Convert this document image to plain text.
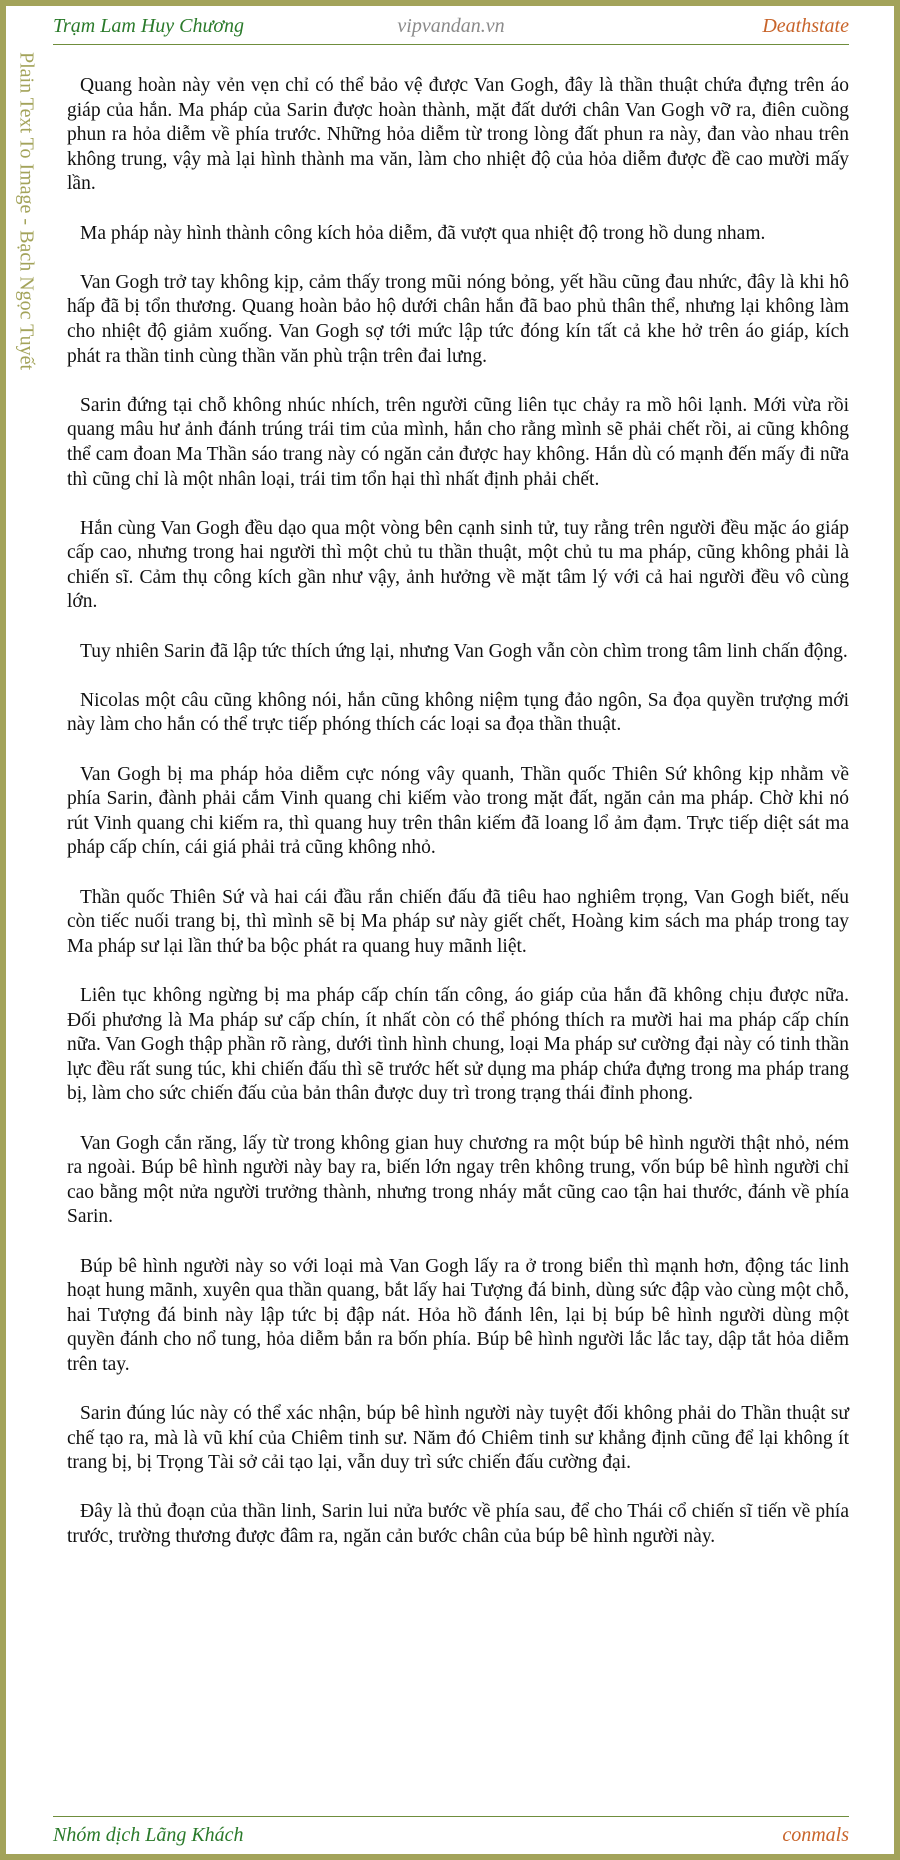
Trạm Lam Huy Chương	vipvandan.vn	Deathstate
Plain Text To Image - Bạch Ngọc Tuyết	Quang hoàn này vẻn vẹn chỉ có thể bảo vệ được Van Gogh, đây là thần thuật chứa đựng trên áo giáp của hắn. Ma pháp của Sarin được hoàn thành, mặt đất dưới chân Van Gogh vỡ ra, điên cuồng phun ra hỏa diễm về phía trước. Những hỏa diễm từ trong lòng đất phun ra này, đan vào nhau trên không trung, vậy mà lại hình thành ma văn, làm cho nhiệt độ của hỏa diễm được đề cao mười mấy lần.

Ma pháp này hình thành công kích hỏa diễm, đã vượt qua nhiệt độ trong hồ dung nham.

Van Gogh trở tay không kịp, cảm thấy trong mũi nóng bỏng, yết hầu cũng đau nhức, đây là khi hô hấp đã bị tổn thương. Quang hoàn bảo hộ dưới chân hắn đã bao phủ thân thể, nhưng lại không làm cho nhiệt độ giảm xuống. Van Gogh sợ tới mức lập tức đóng kín tất cả khe hở trên áo giáp, kích phát ra thần tinh cùng thần văn phù trận trên đai lưng.

Sarin đứng tại chỗ không nhúc nhích, trên người cũng liên tục chảy ra mồ hôi lạnh. Mới vừa rồi quang mâu hư ảnh đánh trúng trái tim của mình, hắn cho rằng mình sẽ phải chết rồi, ai cũng không thể cam đoan Ma Thần sáo trang này có ngăn cản được hay không. Hắn dù có mạnh đến mấy đi nữa thì cũng chỉ là một nhân loại, trái tim tổn hại thì nhất định phải chết.

Hắn cùng Van Gogh đều dạo qua một vòng bên cạnh sinh tử, tuy rằng trên người đều mặc áo giáp cấp cao, nhưng trong hai người thì một chủ tu thần thuật, một chủ tu ma pháp, cũng không phải là chiến sĩ. Cảm thụ công kích gần như vậy, ảnh hưởng về mặt tâm lý với cả hai người đều vô cùng lớn.

Tuy nhiên Sarin đã lập tức thích ứng lại, nhưng Van Gogh vẫn còn chìm trong tâm linh chấn động.

Nicolas một câu cũng không nói, hắn cũng không niệm tụng đảo ngôn, Sa đọa quyền trượng mới này làm cho hắn có thể trực tiếp phóng thích các loại sa đọa thần thuật.

Van Gogh bị ma pháp hỏa diễm cực nóng vây quanh, Thần quốc Thiên Sứ không kịp nhằm về phía Sarin, đành phải cắm Vinh quang chi kiếm vào trong mặt đất, ngăn cản ma pháp. Chờ khi nó rút Vinh quang chi kiếm ra, thì quang huy trên thân kiếm đã loang lổ ảm đạm. Trực tiếp diệt sát ma pháp cấp chín, cái giá phải trả cũng không nhỏ.

Thần quốc Thiên Sứ và hai cái đầu rắn chiến đấu đã tiêu hao nghiêm trọng, Van Gogh biết, nếu còn tiếc nuối trang bị, thì mình sẽ bị Ma pháp sư này giết chết, Hoàng kim sách ma pháp trong tay Ma pháp sư lại lần thứ ba bộc phát ra quang huy mãnh liệt.

Liên tục không ngừng bị ma pháp cấp chín tấn công, áo giáp của hắn đã không chịu được nữa. Đối phương là Ma pháp sư cấp chín, ít nhất còn có thể phóng thích ra mười hai ma pháp cấp chín nữa. Van Gogh thập phần rõ ràng, dưới tình hình chung, loại Ma pháp sư cường đại này có tinh thần lực đều rất sung túc, khi chiến đấu thì sẽ trước hết sử dụng ma pháp chứa đựng trong ma pháp trang bị, làm cho sức chiến đấu của bản thân được duy trì trong trạng thái đỉnh phong.

Van Gogh cắn răng, lấy từ trong không gian huy chương ra một búp bê hình người thật nhỏ, ném ra ngoài. Búp bê hình người này bay ra, biến lớn ngay trên không trung, vốn búp bê hình người chỉ cao bằng một nửa người trưởng thành, nhưng trong nháy mắt cũng cao tận hai thước, đánh về phía Sarin.

Búp bê hình người này so với loại mà Van Gogh lấy ra ở trong biển thì mạnh hơn, động tác linh hoạt hung mãnh, xuyên qua thần quang, bắt lấy hai Tượng đá binh, dùng sức đập vào cùng một chỗ, hai Tượng đá binh này lập tức bị đập nát. Hỏa hồ đánh lên, lại bị búp bê hình người dùng một quyền đánh cho nổ tung, hỏa diễm bắn ra bốn phía. Búp bê hình người lắc lắc tay, dập tắt hỏa diễm trên tay.

Sarin đúng lúc này có thể xác nhận, búp bê hình người này tuyệt đối không phải do Thần thuật sư chế tạo ra, mà là vũ khí của Chiêm tinh sư. Năm đó Chiêm tinh sư khẳng định cũng để lại không ít trang bị, bị Trọng Tài sở cải tạo lại, vẫn duy trì sức chiến đấu cường đại.

Đây là thủ đoạn của thần linh, Sarin lui nửa bước về phía sau, để cho Thái cổ chiến sĩ tiến về phía trước, trường thương được đâm ra, ngăn cản bước chân của búp bê hình người này.

Nhóm dịch Lãng Khách	conmals
